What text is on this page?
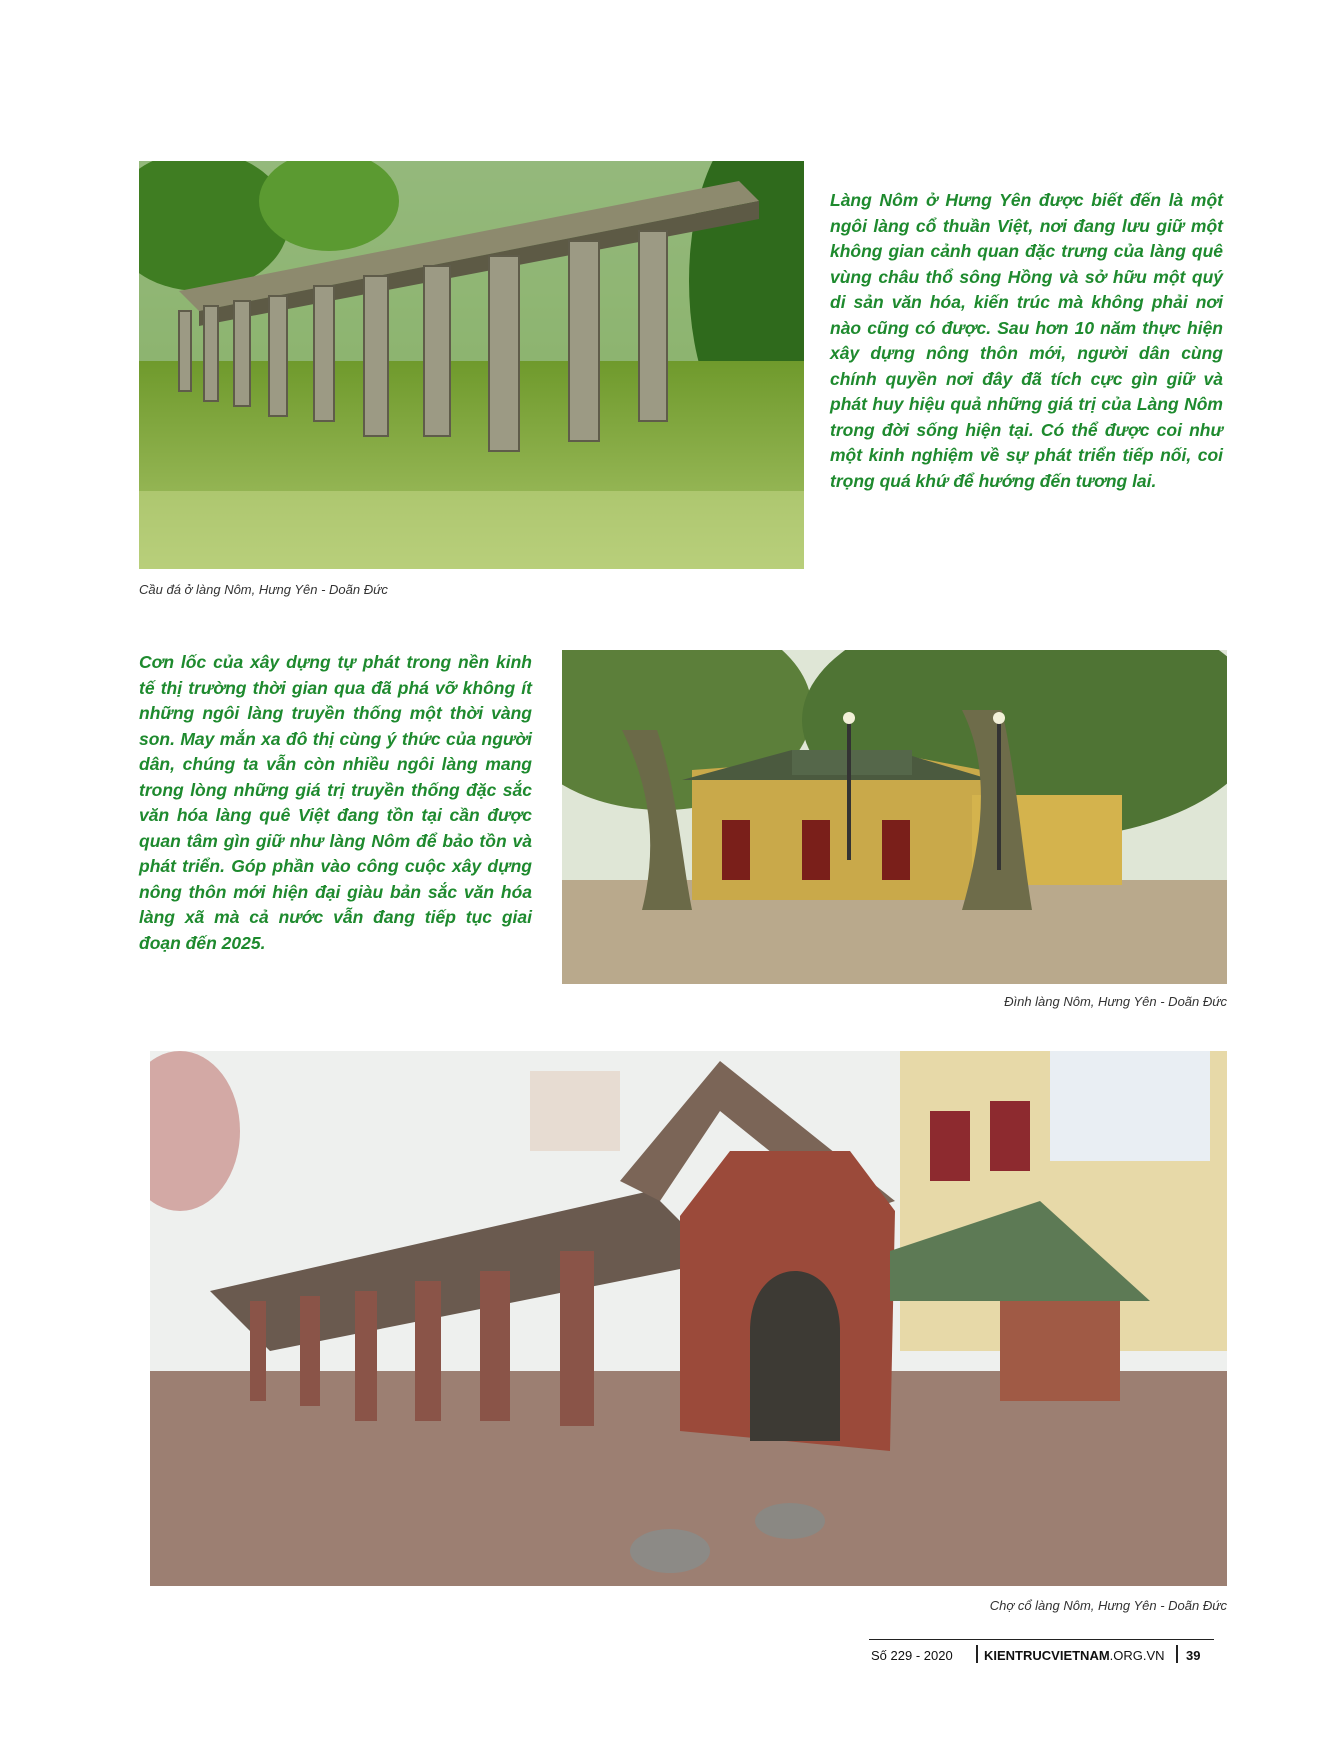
Làng Nôm ở Hưng Yên được biết đến là một ngôi làng cổ thuần Việt, nơi đang lưu giữ một không gian cảnh quan đặc trưng của làng quê vùng châu thổ sông Hồng và sở hữu một quý di sản văn hóa, kiến trúc mà không phải nơi nào cũng có được. Sau hơn 10 năm thực hiện xây dựng nông thôn mới, người dân cùng chính quyền nơi đây đã tích cực gìn giữ và phát huy hiệu quả những giá trị của Làng Nôm trong đời sống hiện tại. Có thể được coi như một kinh nghiệm về sự phát triển tiếp nối, coi trọng quá khứ để hướng đến tương lai.

Cầu đá ở làng Nôm, Hưng Yên - Doãn Đức

Cơn lốc của xây dựng tự phát trong nền kinh tế thị trường thời gian qua đã phá vỡ không ít những ngôi làng truyền thống một thời vàng son. May mắn xa đô thị cùng ý thức của người dân, chúng ta vẫn còn nhiều ngôi làng mang trong lòng những giá trị truyền thống đặc sắc văn hóa làng quê Việt đang tồn tại cần được quan tâm gìn giữ như làng Nôm để bảo tồn và phát triển. Góp phần vào công cuộc xây dựng nông thôn mới hiện đại giàu bản sắc văn hóa làng xã mà cả nước vẫn đang tiếp tục giai đoạn đến 2025.

Đình làng Nôm, Hưng Yên - Doãn Đức

Chợ cổ làng Nôm, Hưng Yên - Doãn Đức

Số 229 - 2020 KIENTRUCVIETNAM.ORG.VN 39
